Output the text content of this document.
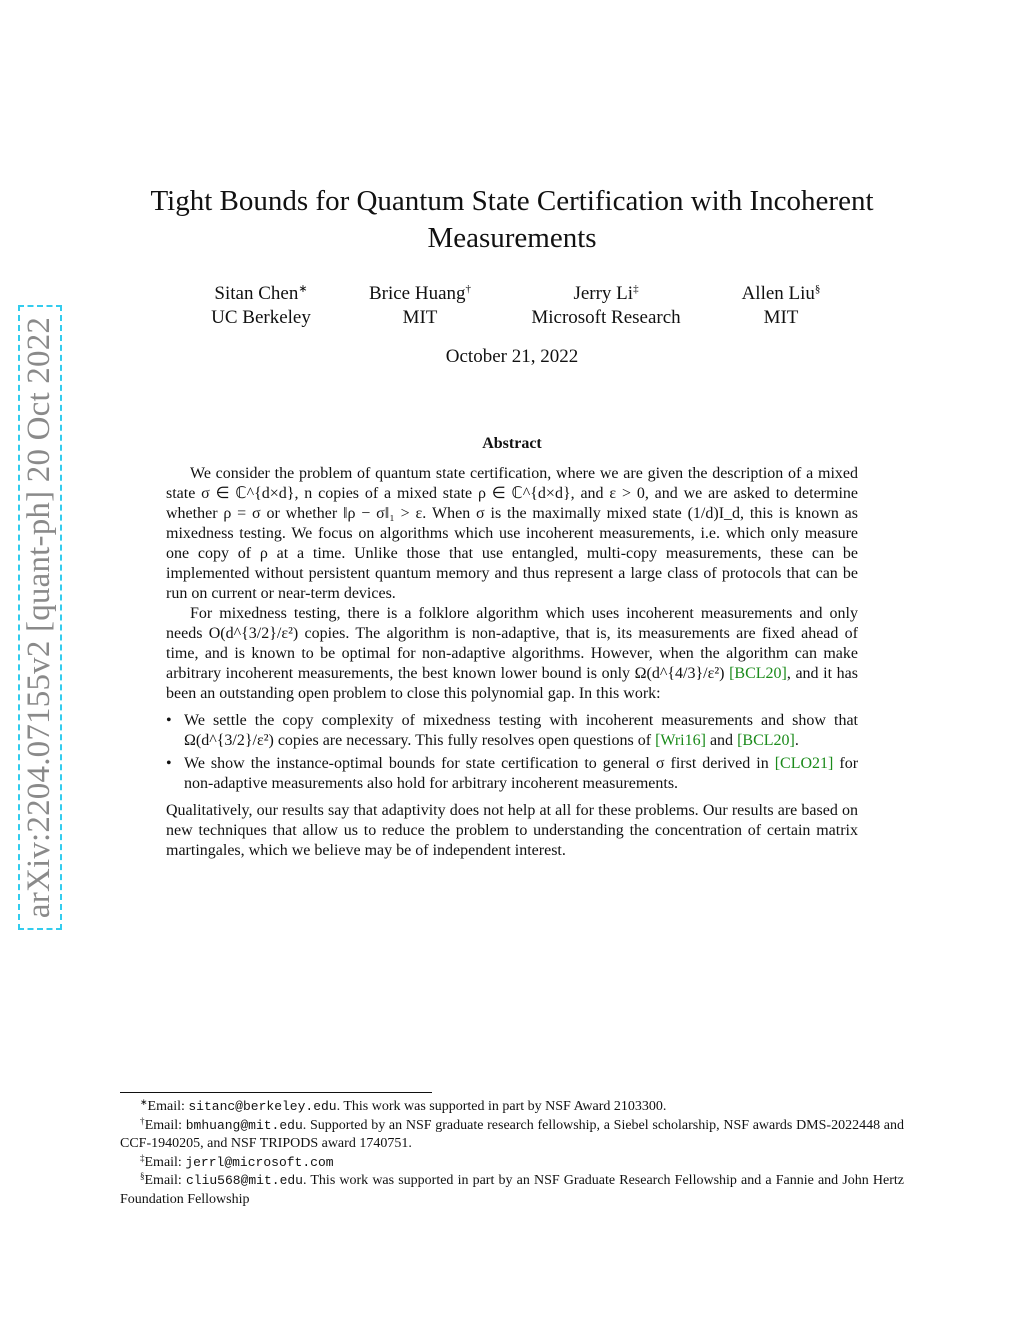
arXiv:2204.07155v2 [quant-ph] 20 Oct 2022
Tight Bounds for Quantum State Certification with Incoherent
Measurements
Sitan Chen∗
UC Berkeley
Brice Huang†
MIT
Jerry Li‡
Microsoft Research
Allen Liu§
MIT
October 21, 2022
Abstract

We consider the problem of quantum state certification, where we are given the description of a mixed state σ ∈ ℂ^{d×d}, n copies of a mixed state ρ ∈ ℂ^{d×d}, and ε > 0, and we are asked to determine whether ρ = σ or whether ‖ρ − σ‖₁ > ε. When σ is the maximally mixed state (1/d)I_d, this is known as mixedness testing. We focus on algorithms which use incoherent measurements, i.e. which only measure one copy of ρ at a time. Unlike those that use entangled, multi-copy measurements, these can be implemented without persistent quantum memory and thus represent a large class of protocols that can be run on current or near-term devices.

For mixedness testing, there is a folklore algorithm which uses incoherent measurements and only needs O(d^{3/2}/ε²) copies. The algorithm is non-adaptive, that is, its measurements are fixed ahead of time, and is known to be optimal for non-adaptive algorithms. However, when the algorithm can make arbitrary incoherent measurements, the best known lower bound is only Ω(d^{4/3}/ε²) [BCL20], and it has been an outstanding open problem to close this polynomial gap. In this work:

• We settle the copy complexity of mixedness testing with incoherent measurements and show that Ω(d^{3/2}/ε²) copies are necessary. This fully resolves open questions of [Wri16] and [BCL20].
• We show the instance-optimal bounds for state certification to general σ first derived in [CLO21] for non-adaptive measurements also hold for arbitrary incoherent measurements.

Qualitatively, our results say that adaptivity does not help at all for these problems. Our results are based on new techniques that allow us to reduce the problem to understanding the concentration of certain matrix martingales, which we believe may be of independent interest.

∗Email: sitanc@berkeley.edu. This work was supported in part by NSF Award 2103300.

†Email: bmhuang@mit.edu. Supported by an NSF graduate research fellowship, a Siebel scholarship, NSF awards DMS-2022448 and CCF-1940205, and NSF TRIPODS award 1740751.

‡Email: jerrl@microsoft.com

§Email: cliu568@mit.edu. This work was supported in part by an NSF Graduate Research Fellowship and a Fannie and John Hertz Foundation Fellowship
